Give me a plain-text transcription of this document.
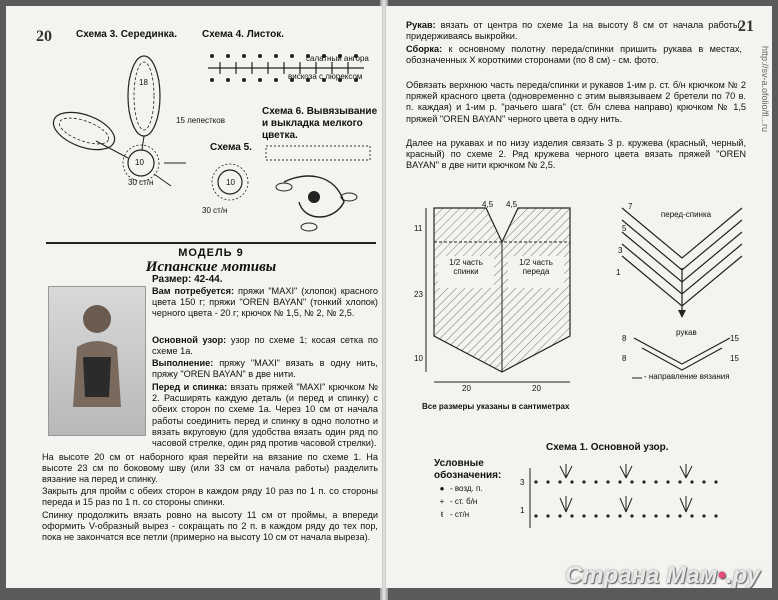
20 Схема 3. Серединка. Схема 4. Листок.
18
10
15 лепестков
30 ст/н
салатный ангора
вискоза с люрексом
Схема 6. Вывязывание и выкладка мелкого цветка.
Схема 5.
10
30 ст/н
МОДЕЛЬ 9
Испанские мотивы
Размер: 42-44.
Вам потребуется: пряжи "MAXI" (хлопок) красного цвета 150 г; пряжи "OREN BAYAN" (тонкий хлопок) черного цвета - 20 г; крючок № 1,5, № 2, № 2,5.
Основной узор: узор по схеме 1; косая сетка по схеме 1а.
Выполнение: пряжу "MAXI" вязать в одну нить, пряжу "OREN BAYAN" в две нити.
Перед и спинка: вязать пряжей "MAXI" крючком № 2. Расширять каждую деталь (и перед и спинку) с обеих сторон по схеме 1а. Через 10 см от начала работы соединить перед и спинку в одно полотно и вязать вкруговую (для удобства вязать один ряд по часовой стрелке, один ряд против часовой стрелки).
На высоте 20 см от наборного края перейти на вязание по схеме 1. На высоте 23 см по боковому шву (или 33 см от начала работы) разделить вязание на перед и спинку.
Закрыть для пройм с обеих сторон в каждом ряду 10 раз по 1 п. со стороны переда и 15 раз по 1 п. со стороны спинки.
Спинку продолжить вязать ровно на высоту 11 см от проймы, а впереди оформить V-образный вырез - сокращать по 2 п. в каждом ряду до тех пор, пока не закончатся все петли (примерно на высоту 10 см от начала выреза).
21
http://sv-a.ofolio/fl...ru
Рукав: вязать от центра по схеме 1а на высоту 8 см от начала работы, придерживаясь выкройки.
Сборка: к основному полотну переда/спинки пришить рукава в местах, обозначенных Х короткими сторонами (по 8 см) - см. фото.
Обвязать верхнюю часть переда/спинки и рукавов 1-им р. ст. б/н крючком № 2 пряжей красного цвета (одновременно с этим вывязываем 2 бретели по 70 в. п. каждая) и 1-им р. "рачьего шага" (ст. б/н слева направо) крючком № 1,5 пряжей "OREN BAYAN" черного цвета в одну нить.
Далее на рукавах и по низу изделия связать 3 р. кружева (красный, черный, красный) по схеме 2. Ряд кружева черного цвета вязать пряжей "OREN BAYAN" в две нити крючком № 2,5.
4,5 4,5
11
23
10
1/2 часть спинки
1/2 часть переда
20	20
Все размеры указаны в сантиметрах
7
5
3
1
перед-спинка
рукав
8
8
15
15
- направление вязания
Условные обозначения:
● - возд. п.
+ - ст. б/н
ŧ - ст/н
Схема 1. Основной узор.
3
1
Страна Мам•.ру
